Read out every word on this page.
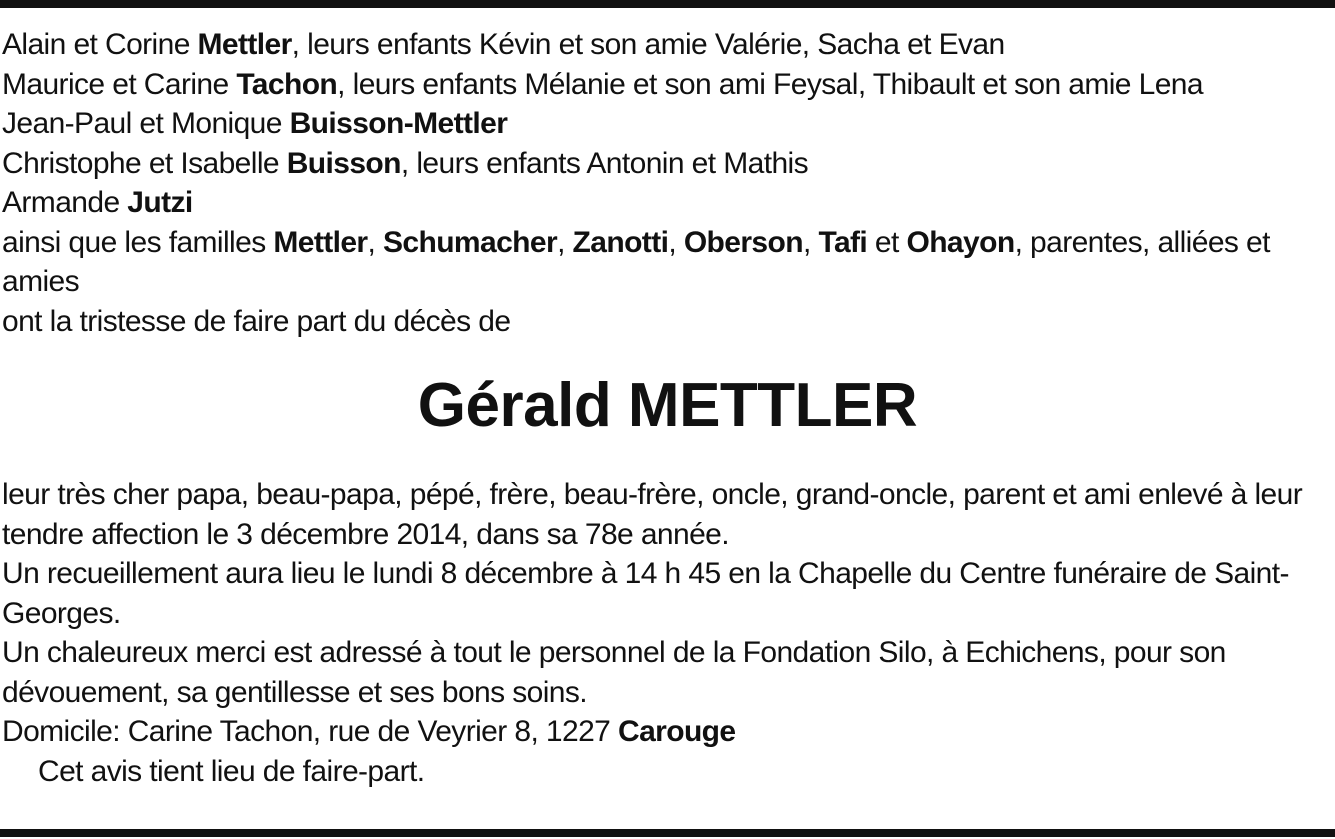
Alain et Corine Mettler, leurs enfants Kévin et son amie Valérie, Sacha et Evan

Maurice et Carine Tachon, leurs enfants Mélanie et son ami Feysal, Thibault et son amie Lena

Jean-Paul et Monique Buisson-Mettler

Christophe et Isabelle Buisson, leurs enfants Antonin et Mathis

Armande Jutzi

ainsi que les familles Mettler, Schumacher, Zanotti, Oberson, Tafi et Ohayon, parentes, alliées et amies

ont la tristesse de faire part du décès de

Gérald METTLER

leur très cher papa, beau-papa, pépé, frère, beau-frère, oncle, grand-oncle, parent et ami enlevé à leur tendre affection le 3 décembre 2014, dans sa 78e année.

Un recueillement aura lieu le lundi 8 décembre à 14 h 45 en la Chapelle du Centre funéraire de Saint-Georges.

Un chaleureux merci est adressé à tout le personnel de la Fondation Silo, à Echichens, pour son dévouement, sa gentillesse et ses bons soins.

Domicile: Carine Tachon, rue de Veyrier 8, 1227 Carouge

Cet avis tient lieu de faire-part.
